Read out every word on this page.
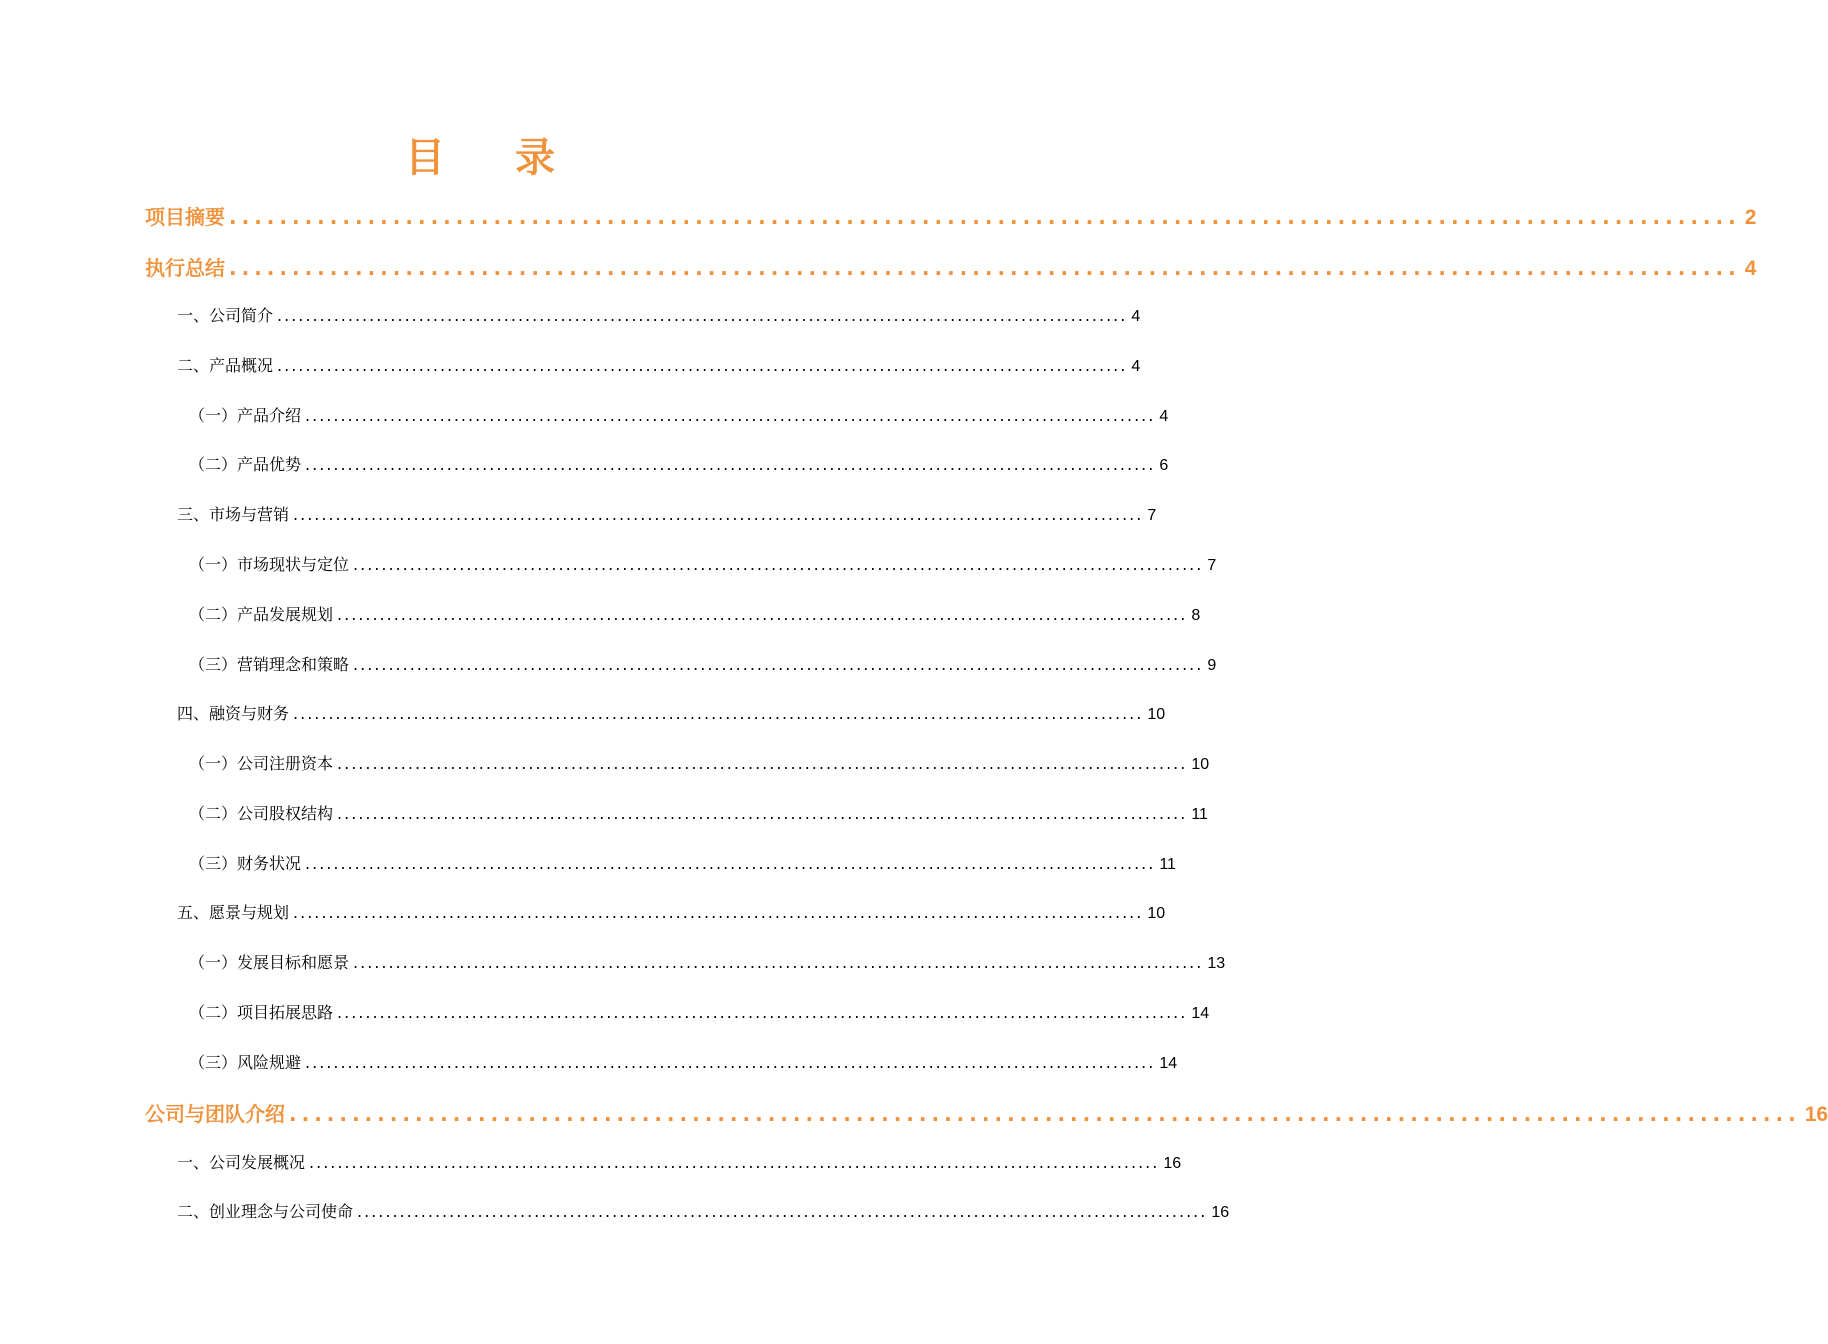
目 录
项目摘要 ........................................................................................................................ 2
执行总结 ........................................................................................................................ 4
一、公司简介 ........................................................................................................................ 4
二、产品概况 ........................................................................................................................ 4
（一）产品介绍 ........................................................................................................................ 4
（二）产品优势 ........................................................................................................................ 6
三、市场与营销 ........................................................................................................................ 7
（一）市场现状与定位 ........................................................................................................................ 7
（二）产品发展规划 ........................................................................................................................ 8
（三）营销理念和策略 ........................................................................................................................ 9
四、融资与财务 ........................................................................................................................ 10
（一）公司注册资本 ........................................................................................................................ 10
（二）公司股权结构 ........................................................................................................................ 11
（三）财务状况 ........................................................................................................................ 11
五、愿景与规划 ........................................................................................................................ 10
（一）发展目标和愿景 ........................................................................................................................ 13
（二）项目拓展思路 ........................................................................................................................ 14
（三）风险规避 ........................................................................................................................ 14
公司与团队介绍 ........................................................................................................................ 16
一、公司发展概况 ........................................................................................................................ 16
二、创业理念与公司使命 ........................................................................................................................ 16
